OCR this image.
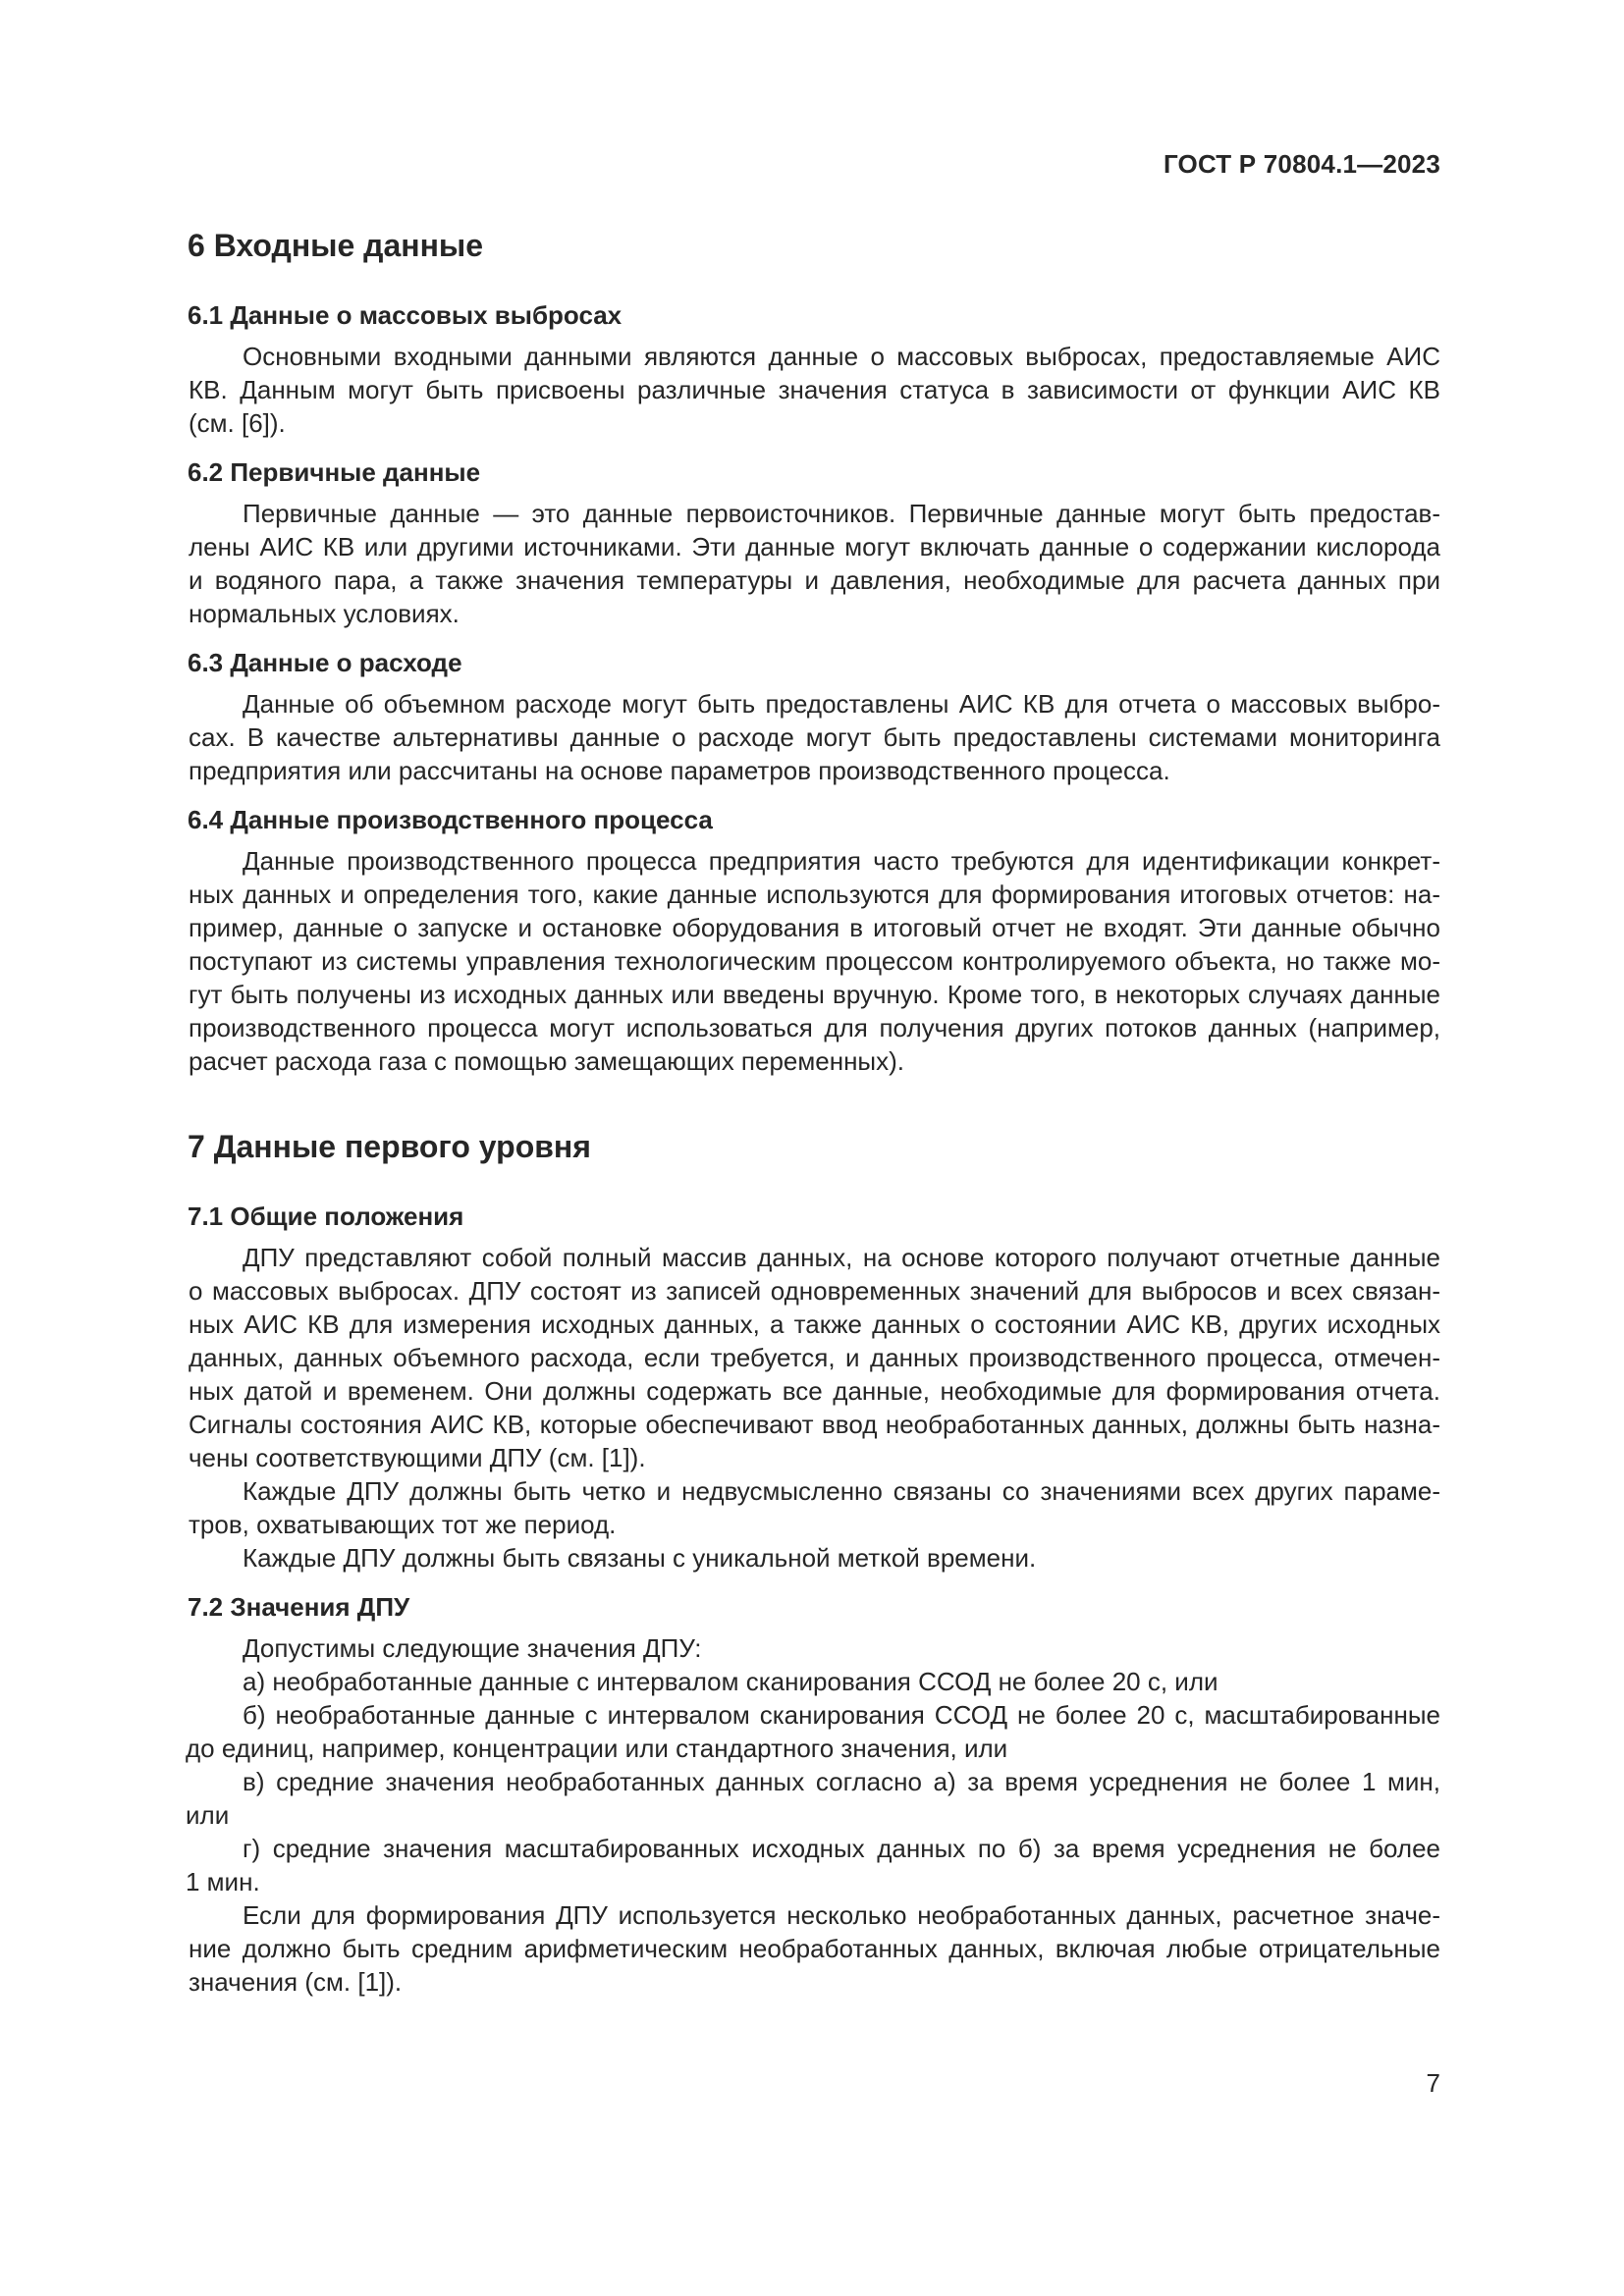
ГОСТ Р 70804.1—2023
6 Входные данные
6.1 Данные о массовых выбросах
Основными входными данными являются данные о массовых выбросах, предоставляемые АИС
КВ. Данным могут быть присвоены различные значения статуса в зависимости от функции АИС КВ
(см. [6]).
6.2 Первичные данные
Первичные данные — это данные первоисточников. Первичные данные могут быть предостав-
лены АИС КВ или другими источниками. Эти данные могут включать данные о содержании кислорода
и водяного пара, а также значения температуры и давления, необходимые для расчета данных при
нормальных условиях.
6.3 Данные о расходе
Данные об объемном расходе могут быть предоставлены АИС КВ для отчета о массовых выбро-
сах. В качестве альтернативы данные о расходе могут быть предоставлены системами мониторинга
предприятия или рассчитаны на основе параметров производственного процесса.
6.4 Данные производственного процесса
Данные производственного процесса предприятия часто требуются для идентификации конкрет-
ных данных и определения того, какие данные используются для формирования итоговых отчетов: на-
пример, данные о запуске и остановке оборудования в итоговый отчет не входят. Эти данные обычно
поступают из системы управления технологическим процессом контролируемого объекта, но также мо-
гут быть получены из исходных данных или введены вручную. Кроме того, в некоторых случаях данные
производственного процесса могут использоваться для получения других потоков данных (например,
расчет расхода газа с помощью замещающих переменных).
7 Данные первого уровня
7.1 Общие положения
ДПУ представляют собой полный массив данных, на основе которого получают отчетные данные
о массовых выбросах. ДПУ состоят из записей одновременных значений для выбросов и всех связан-
ных АИС КВ для измерения исходных данных, а также данных о состоянии АИС КВ, других исходных
данных, данных объемного расхода, если требуется, и данных производственного процесса, отмечен-
ных датой и временем. Они должны содержать все данные, необходимые для формирования отчета.
Сигналы состояния АИС КВ, которые обеспечивают ввод необработанных данных, должны быть назна-
чены соответствующими ДПУ (см. [1]).
Каждые ДПУ должны быть четко и недвусмысленно связаны со значениями всех других параме-
тров, охватывающих тот же период.
Каждые ДПУ должны быть связаны с уникальной меткой времени.
7.2 Значения ДПУ
Допустимы следующие значения ДПУ:
а) необработанные данные с интервалом сканирования ССОД не более 20 с, или
б) необработанные данные с интервалом сканирования ССОД не более 20 с, масштабированные
до единиц, например, концентрации или стандартного значения, или
в) средние значения необработанных данных согласно а) за время усреднения не более 1 мин,
или
г) средние значения масштабированных исходных данных по б) за время усреднения не более
1 мин.
Если для формирования ДПУ используется несколько необработанных данных, расчетное значе-
ние должно быть средним арифметическим необработанных данных, включая любые отрицательные
значения (см. [1]).
7
